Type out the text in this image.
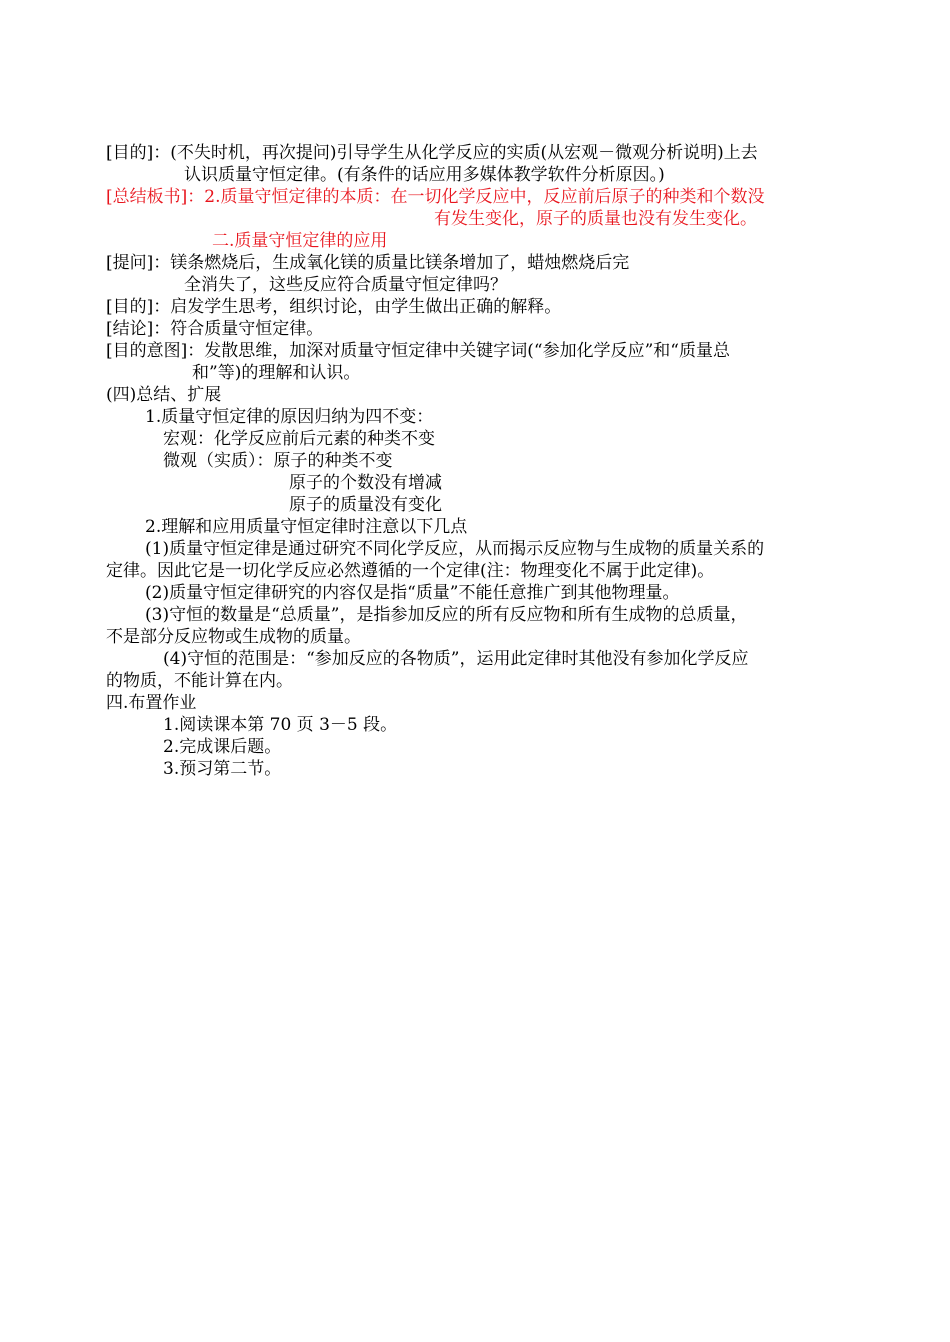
[目的]：(不失时机，再次提问)引导学生从化学反应的实质(从宏观－微观分析说明)上去

认识质量守恒定律。(有条件的话应用多媒体教学软件分析原因。)

[总结板书]：2.质量守恒定律的本质：在一切化学反应中，反应前后原子的种类和个数没

有发生变化，原子的质量也没有发生变化。

二.质量守恒定律的应用

[提问]：镁条燃烧后，生成氧化镁的质量比镁条增加了，蜡烛燃烧后完

全消失了，这些反应符合质量守恒定律吗？

[目的]：启发学生思考，组织讨论，由学生做出正确的解释。

[结论]：符合质量守恒定律。

[目的意图]：发散思维，加深对质量守恒定律中关键字词(“参加化学反应”和“质量总

和”等)的理解和认识。

(四)总结、扩展

1.质量守恒定律的原因归纳为四不变：

宏观：化学反应前后元素的种类不变

微观（实质）：原子的种类不变

原子的个数没有增减

原子的质量没有变化

2.理解和应用质量守恒定律时注意以下几点

(1)质量守恒定律是通过研究不同化学反应，从而揭示反应物与生成物的质量关系的

定律。因此它是一切化学反应必然遵循的一个定律(注：物理变化不属于此定律)。

(2)质量守恒定律研究的内容仅是指“质量”不能任意推广到其他物理量。

(3)守恒的数量是“总质量”，是指参加反应的所有反应物和所有生成物的总质量，

不是部分反应物或生成物的质量。

(4)守恒的范围是：“参加反应的各物质”，运用此定律时其他没有参加化学反应

的物质，不能计算在内。

四.布置作业

1.阅读课本第 70 页 3－5 段。

2.完成课后题。

3.预习第二节。
